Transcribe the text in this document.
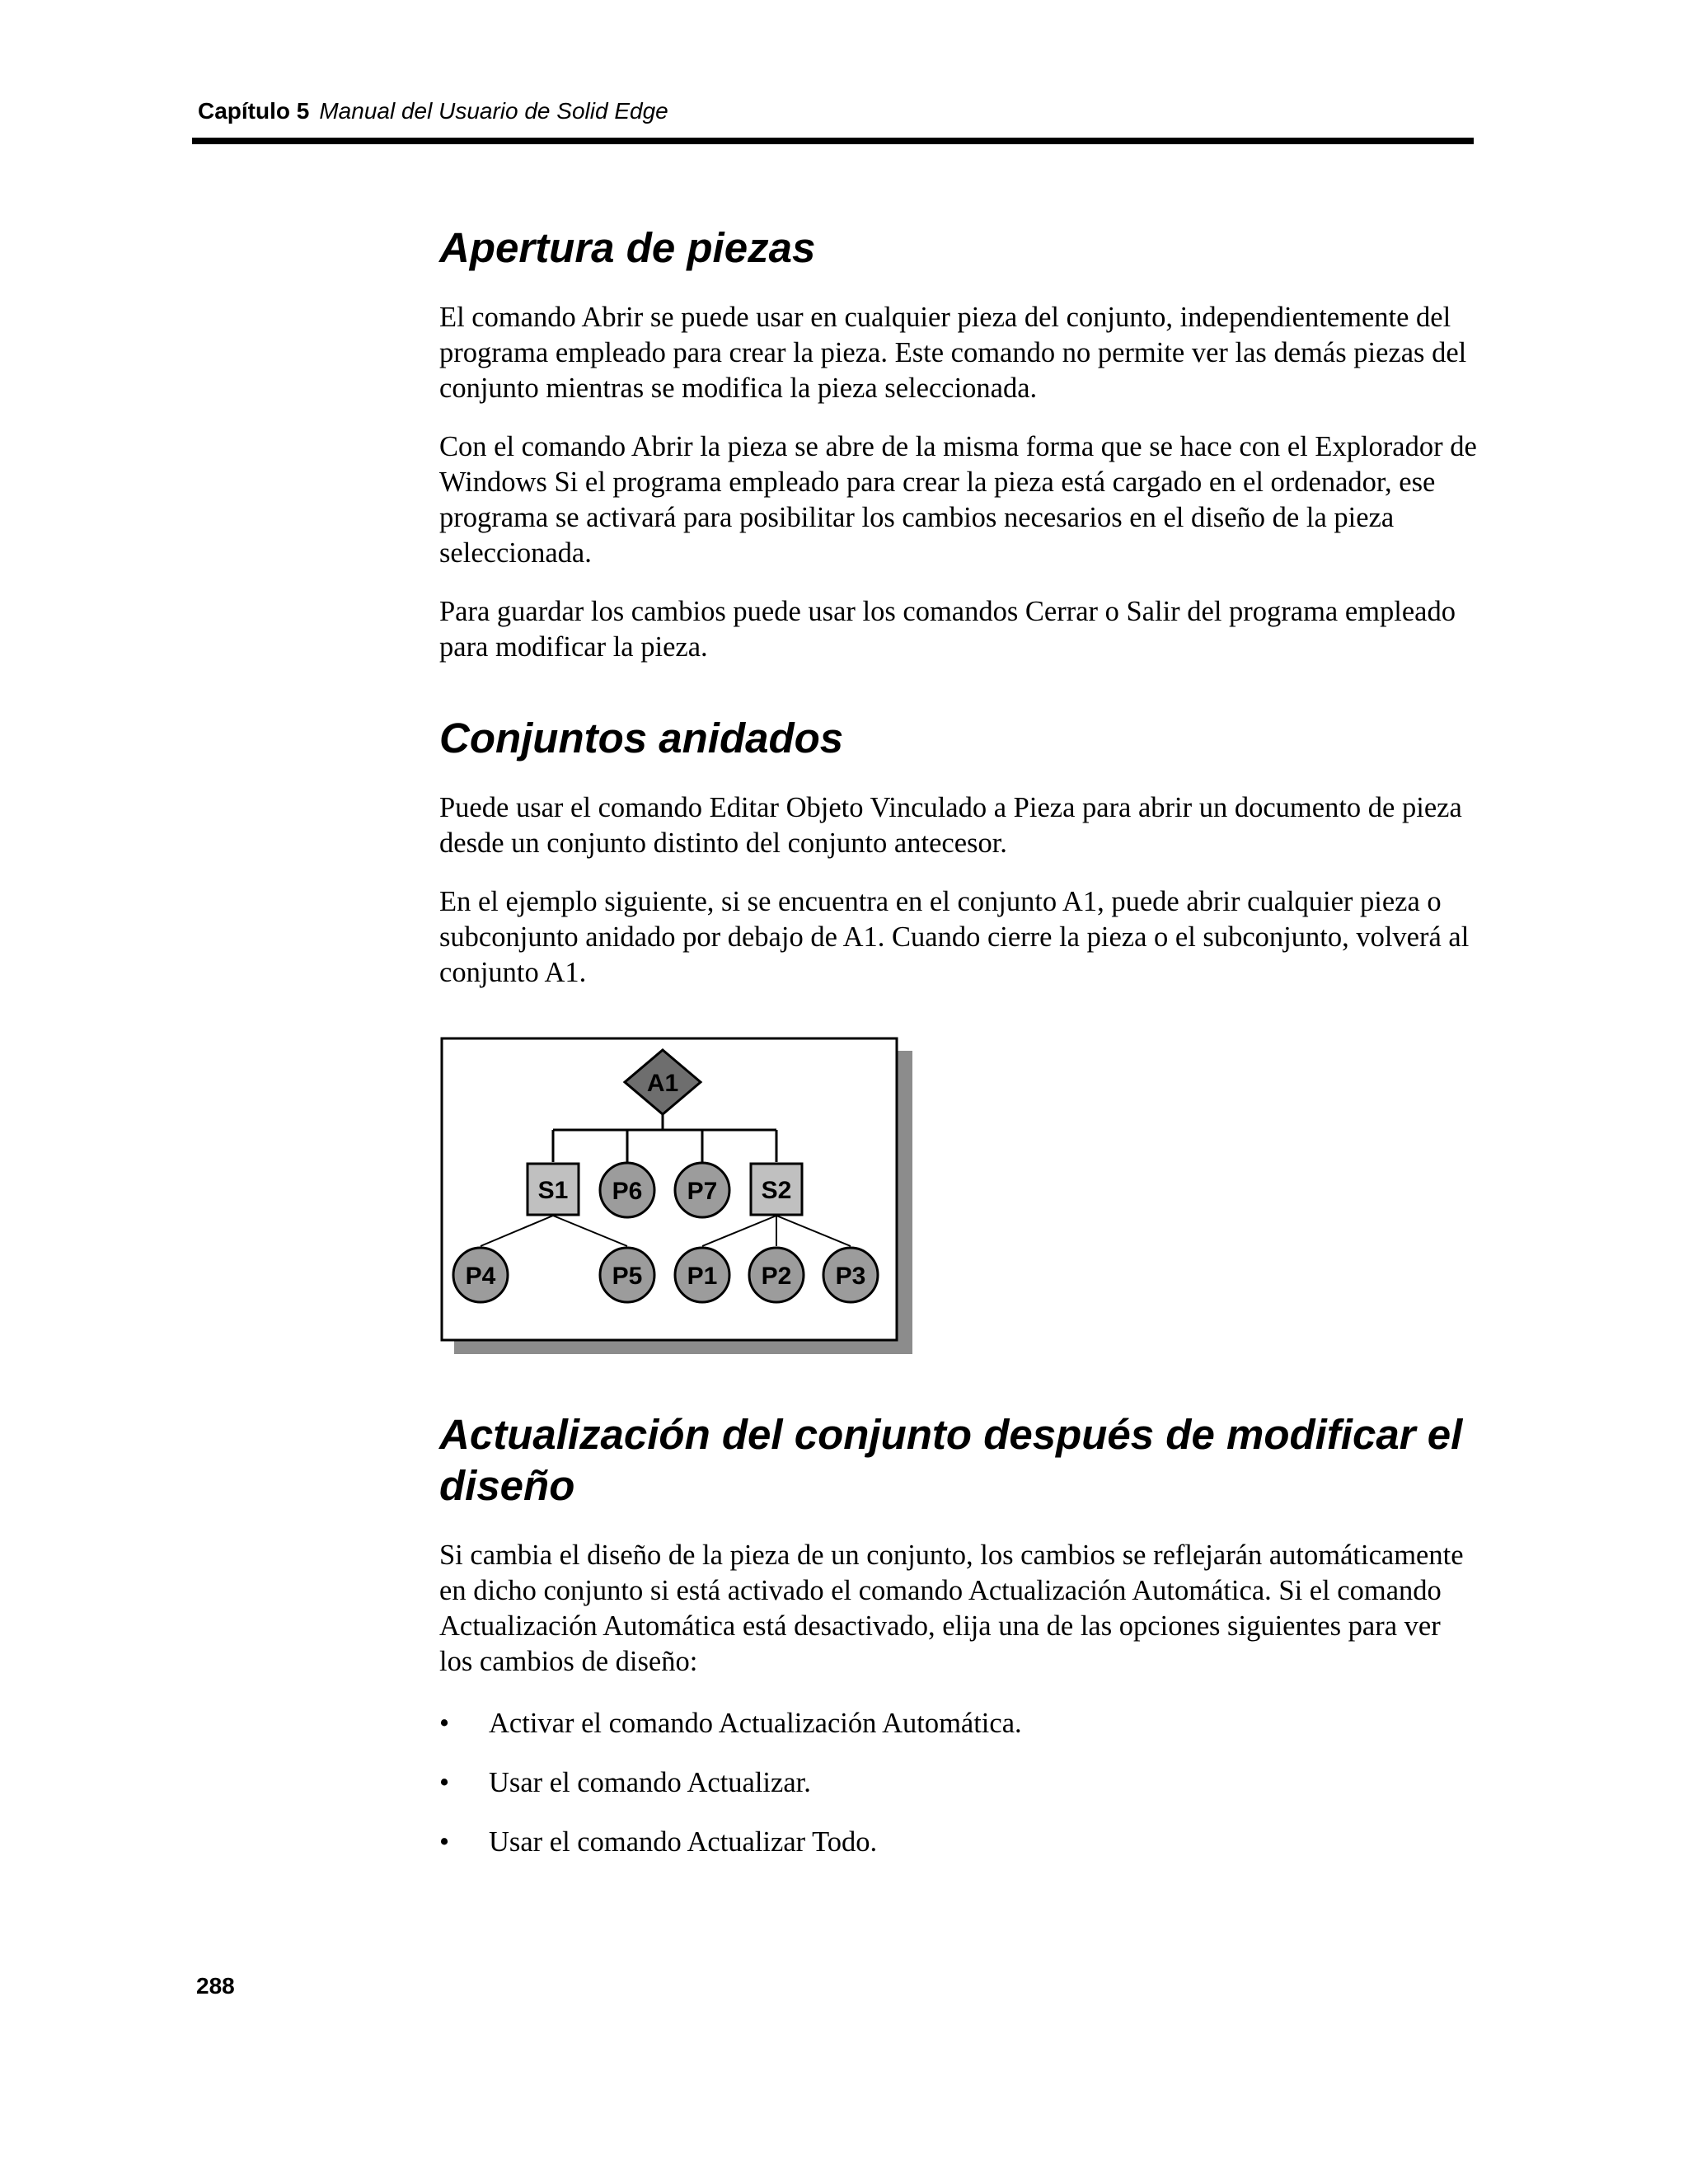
Capítulo 5 Manual del Usuario de Solid Edge
Apertura de piezas

El comando Abrir se puede usar en cualquier pieza del conjunto, independientemente del programa empleado para crear la pieza. Este comando no permite ver las demás piezas del conjunto mientras se modifica la pieza seleccionada.

Con el comando Abrir la pieza se abre de la misma forma que se hace con el Explorador de Windows Si el programa empleado para crear la pieza está cargado en el ordenador, ese programa se activará para posibilitar los cambios necesarios en el diseño de la pieza seleccionada.

Para guardar los cambios puede usar los comandos Cerrar o Salir del programa empleado para modificar la pieza.

Conjuntos anidados

Puede usar el comando Editar Objeto Vinculado a Pieza para abrir un documento de pieza desde un conjunto distinto del conjunto antecesor.

En el ejemplo siguiente, si se encuentra en el conjunto A1, puede abrir cualquier pieza o subconjunto anidado por debajo de A1. Cuando cierre la pieza o el subconjunto, volverá al conjunto A1.

A1
S1 P6 P7 S2
P4	P5 P1 P2 P3
Actualización del conjunto después de modificar el diseño

Si cambia el diseño de la pieza de un conjunto, los cambios se reflejarán automáticamente en dicho conjunto si está activado el comando Actualización Automática. Si el comando Actualización Automática está desactivado, elija una de las opciones siguientes para ver los cambios de diseño:

• Activar el comando Actualización Automática.
• Usar el comando Actualizar.
• Usar el comando Actualizar Todo.
288
